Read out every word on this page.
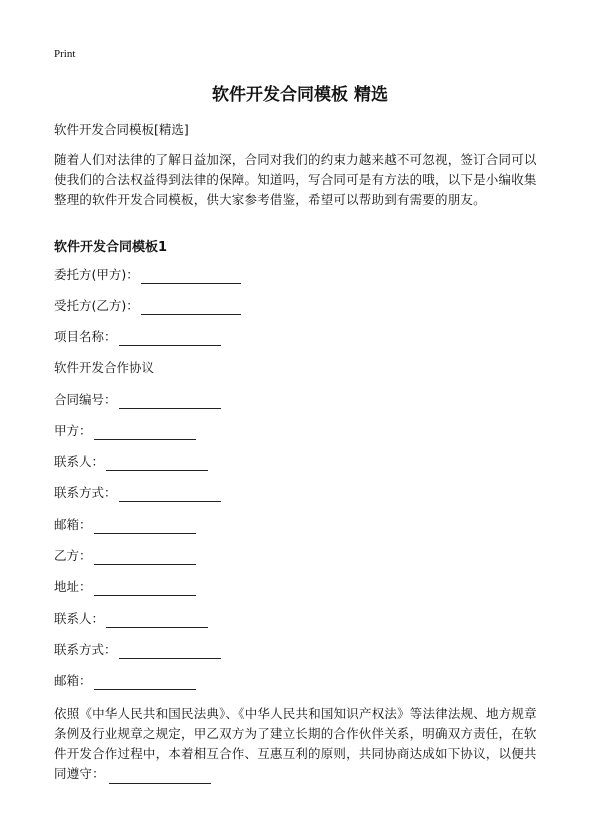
Print
软件开发合同模板 精选
软件开发合同模板[精选]

随着人们对法律的了解日益加深，合同对我们的约束力越来越不可忽视，签订合同可以使我们的合法权益得到法律的保障。知道吗，写合同可是有方法的哦，以下是小编收集整理的软件开发合同模板，供大家参考借鉴，希望可以帮助到有需要的朋友。

软件开发合同模板1
委托方(甲方)：
受托方(乙方)：
项目名称：
软件开发合作协议
合同编号：
甲方：
联系人：
联系方式：
邮箱：
乙方：
地址：
联系人：
联系方式：
邮箱：

依照《中华人民共和国民法典》、《中华人民共和国知识产权法》等法律法规、地方规章条例及行业规章之规定，甲乙双方为了建立长期的合作伙伴关系，明确双方责任，在软件开发合作过程中，本着相互合作、互惠互利的原则，共同协商达成如下协议，以便共同遵守：
